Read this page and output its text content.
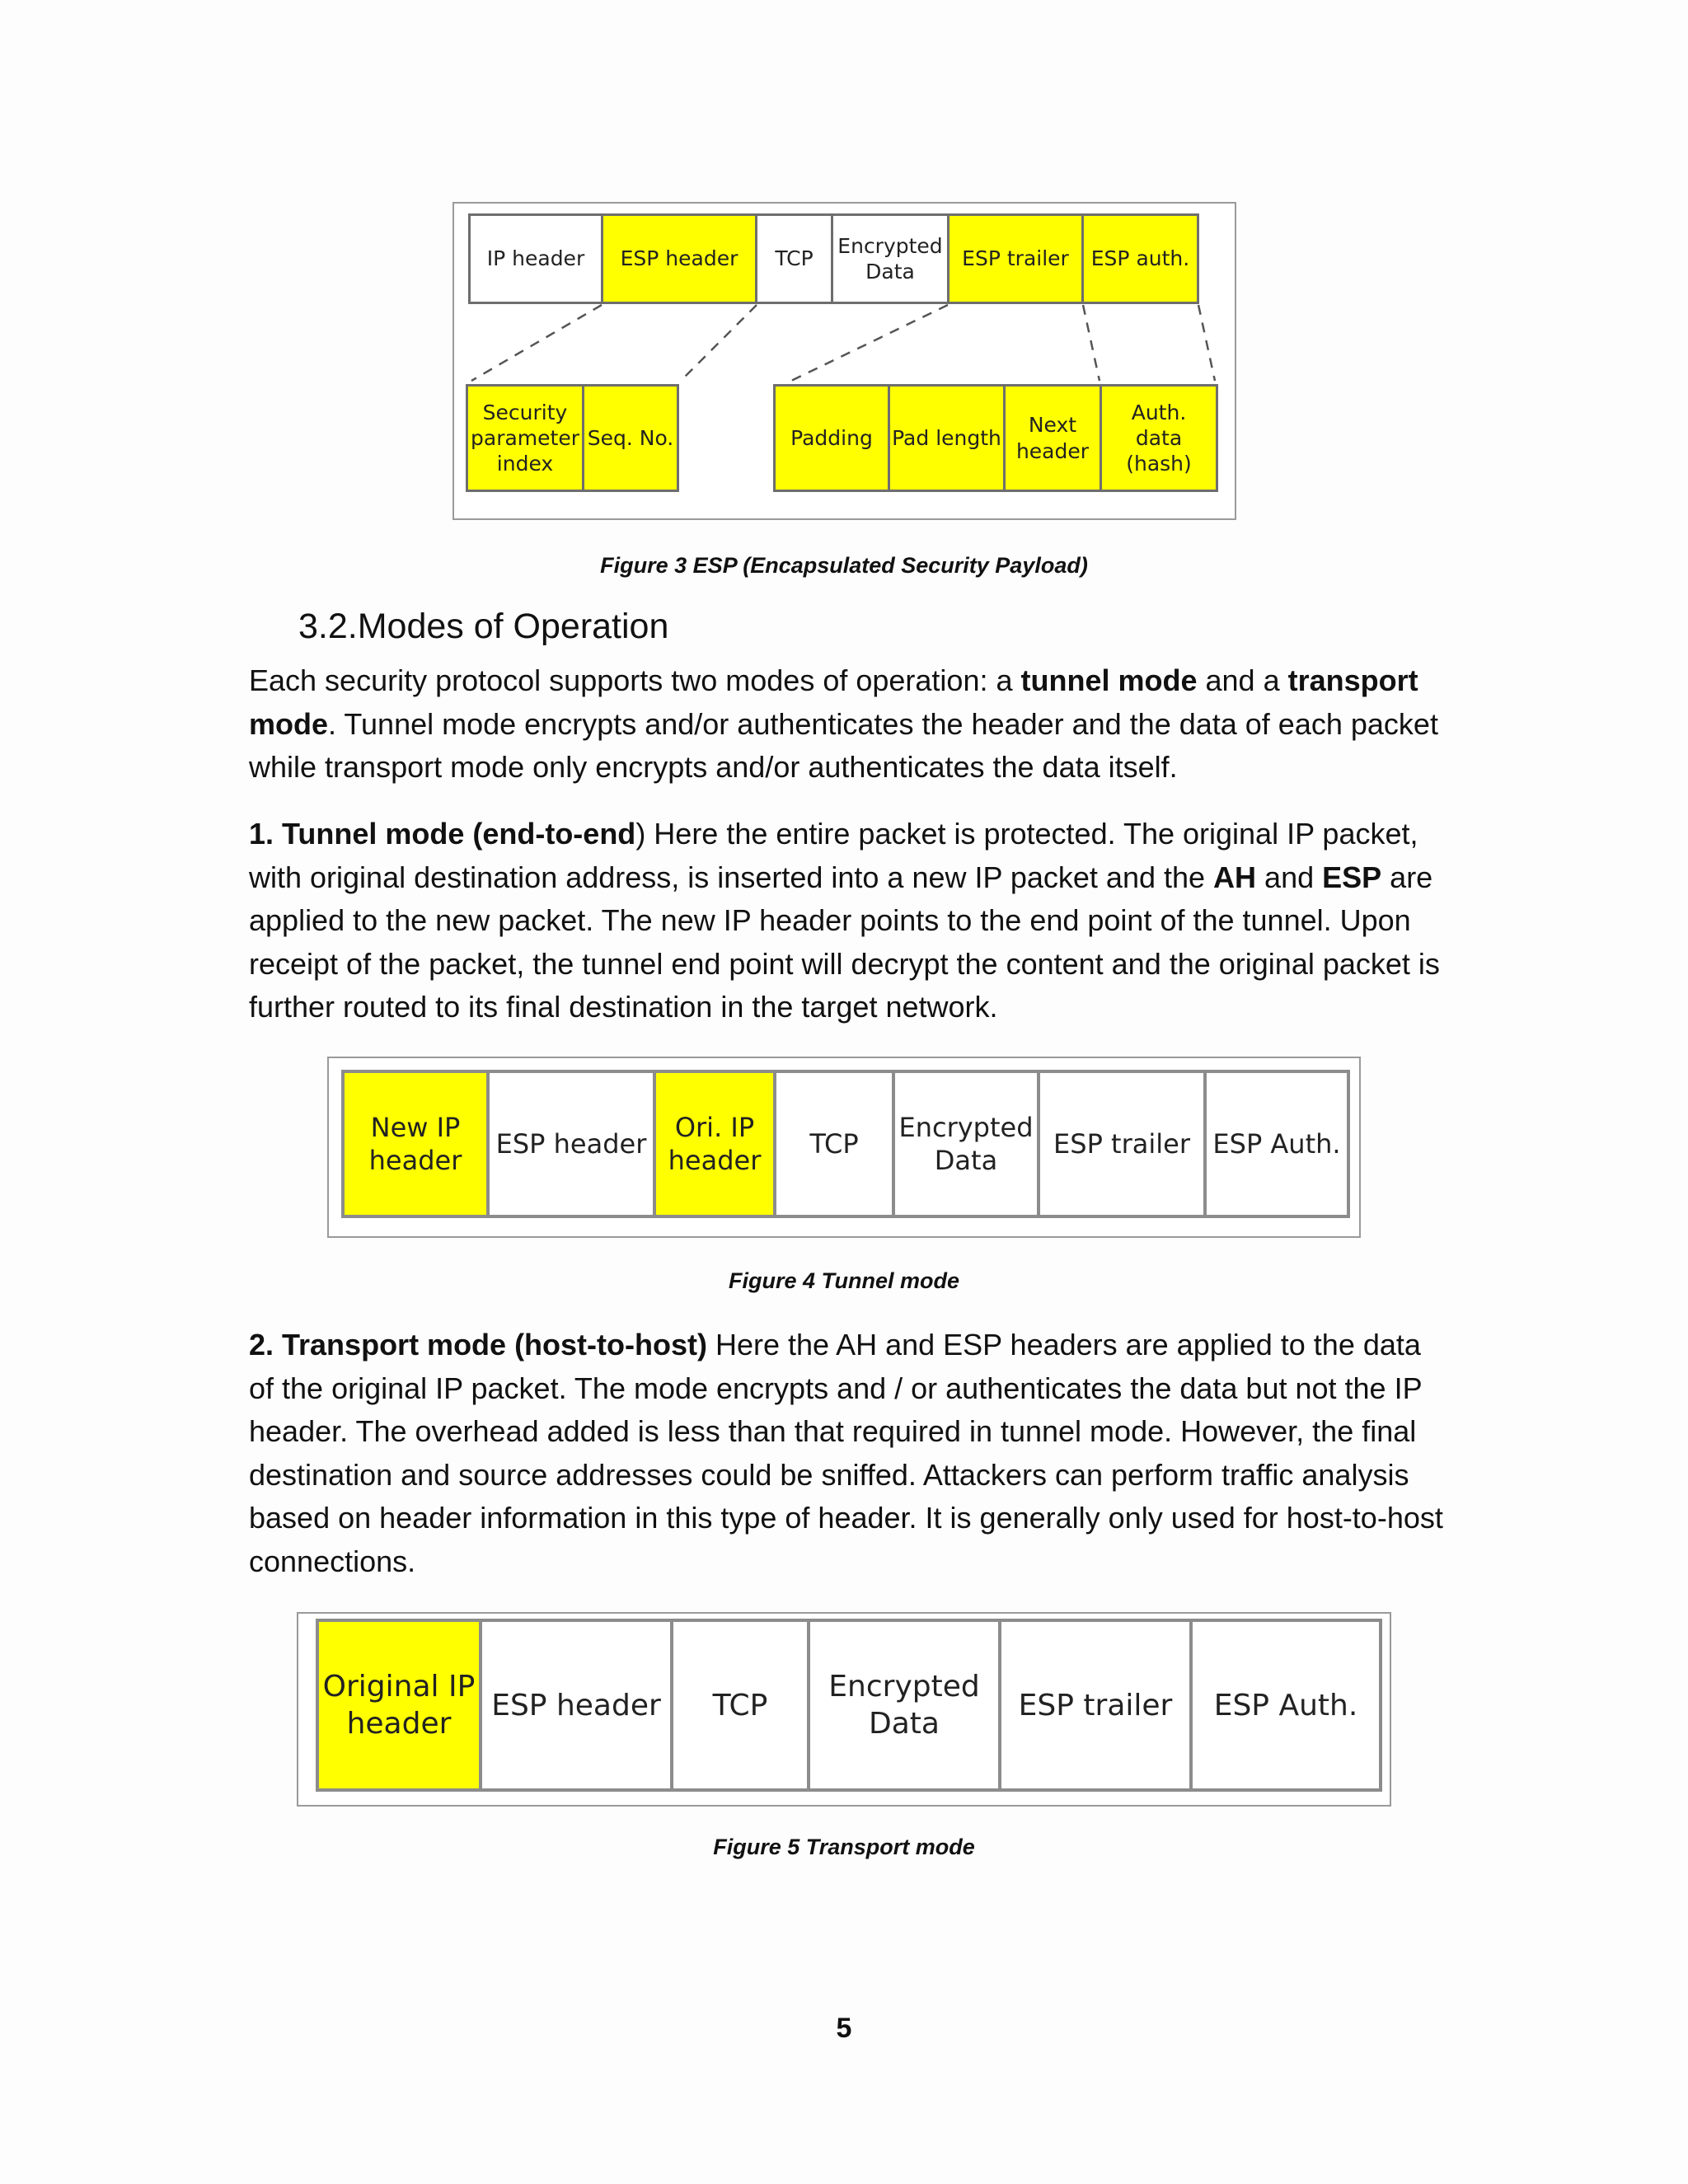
IP header	ESP header	TCP
Encrypted
Data
ESP trailer	ESP auth.
Security
parameter
index
Seq. No.	Padding Pad length
Next
header
Auth.
data (hash)
Figure 3 ESP (Encapsulated Security Payload)
3.2.Modes of Operation

Each security protocol supports two modes of operation: a tunnel mode and a transport mode. Tunnel mode encrypts and/or authenticates the header and the data of each packet while transport mode only encrypts and/or authenticates the data itself.

1. Tunnel mode (end-to-end) Here the entire packet is protected. The original IP packet, with original destination address, is inserted into a new IP packet and the AH and ESP are applied to the new packet. The new IP header points to the end point of the tunnel. Upon receipt of the packet, the tunnel end point will decrypt the content and the original packet is further routed to its final destination in the target network.

New IP
header
ESP header
Ori. IP
header
TCP
Encrypted
Data
ESP trailer ESP Auth.
Figure 4 Tunnel mode

2. Transport mode (host-to-host) Here the AH and ESP headers are applied to the data of the original IP packet. The mode encrypts and / or authenticates the data but not the IP header. The overhead added is less than that required in tunnel mode. However, the final destination and source addresses could be sniffed. Attackers can perform traffic analysis based on header information in this type of header. It is generally only used for host-to-host connections.

Original IP
header
ESP header	TCP
Encrypted
Data
ESP trailer	ESP Auth.
Figure 5 Transport mode
5
